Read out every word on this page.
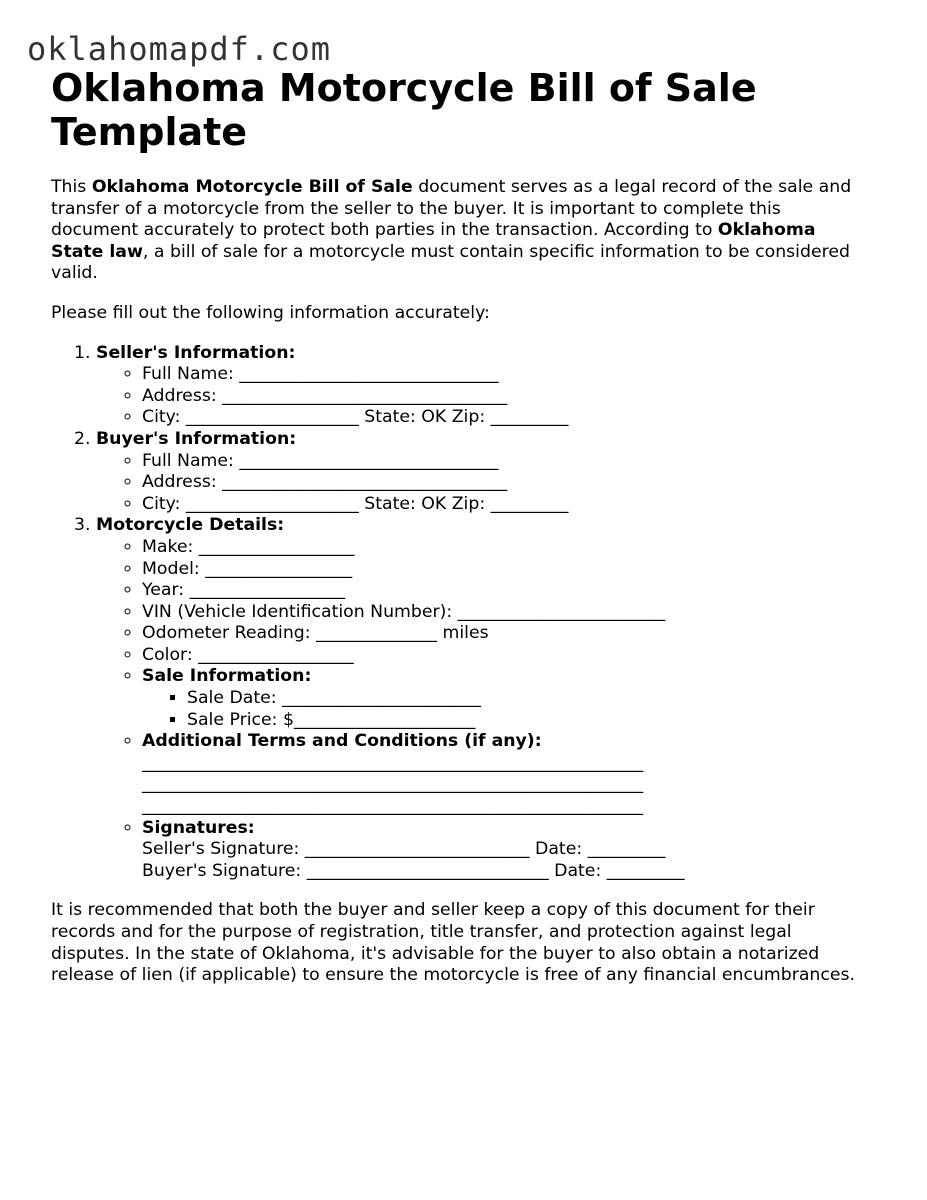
oklahomapdf.com
Oklahoma Motorcycle Bill of Sale Template

This Oklahoma Motorcycle Bill of Sale document serves as a legal record of the sale and transfer of a motorcycle from the seller to the buyer. It is important to complete this document accurately to protect both parties in the transaction. According to Oklahoma State law, a bill of sale for a motorcycle must contain specific information to be considered valid.

Please fill out the following information accurately:

1. Seller's Information:
◦ Full Name: ______________________________
◦ Address: _________________________________
◦ City: ____________________ State: OK Zip: _________
2. Buyer's Information:
◦ Full Name: ______________________________
◦ Address: _________________________________
◦ City: ____________________ State: OK Zip: _________
3. Motorcycle Details:
◦ Make: __________________
◦ Model: _________________
◦ Year: __________________
◦ VIN (Vehicle Identification Number): ________________________
◦ Odometer Reading: ______________ miles
◦ Color: __________________
◦ Sale Information:
▪ Sale Date: _______________________
▪ Sale Price: $_____________________
◦ Additional Terms and Conditions (if any):
__________________________________________________________
__________________________________________________________
__________________________________________________________
◦ Signatures:
Seller's Signature: __________________________ Date: _________
Buyer's Signature: ____________________________ Date: _________

It is recommended that both the buyer and seller keep a copy of this document for their records and for the purpose of registration, title transfer, and protection against legal disputes. In the state of Oklahoma, it's advisable for the buyer to also obtain a notarized release of lien (if applicable) to ensure the motorcycle is free of any financial encumbrances.
